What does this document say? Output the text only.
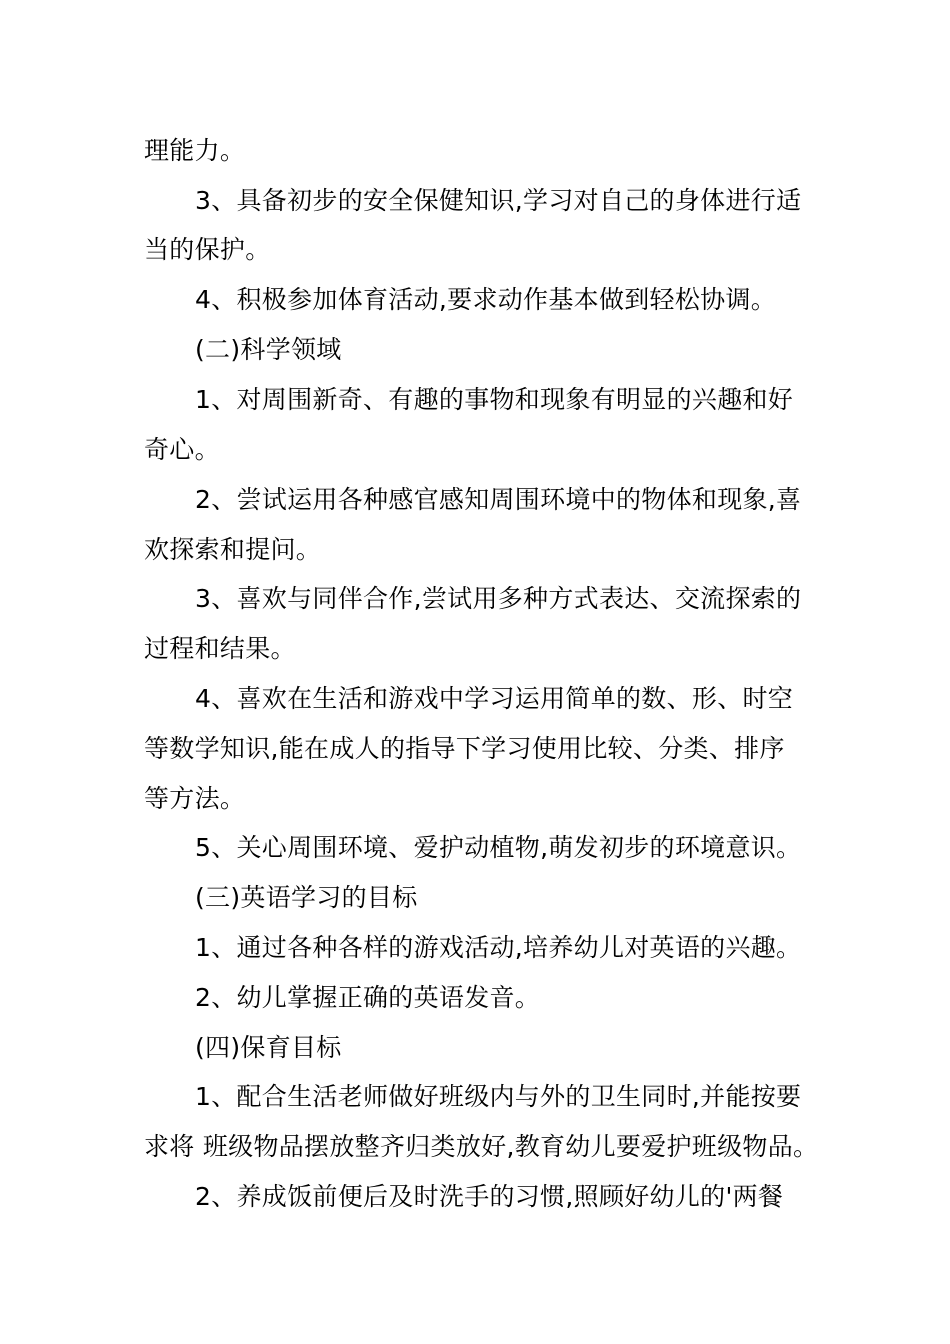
理能力。
3、具备初步的安全保健知识,学习对自己的身体进行适
当的保护。
4、积极参加体育活动,要求动作基本做到轻松协调。
(二)科学领域
1、对周围新奇、有趣的事物和现象有明显的兴趣和好
奇心。
2、尝试运用各种感官感知周围环境中的物体和现象,喜
欢探索和提问。
3、喜欢与同伴合作,尝试用多种方式表达、交流探索的
过程和结果。
4、喜欢在生活和游戏中学习运用简单的数、形、时空
等数学知识,能在成人的指导下学习使用比较、分类、排序
等方法。
5、关心周围环境、爱护动植物,萌发初步的环境意识。
(三)英语学习的目标
1、通过各种各样的游戏活动,培养幼儿对英语的兴趣。
2、幼儿掌握正确的英语发音。
(四)保育目标
1、配合生活老师做好班级内与外的卫生同时,并能按要
求将 班级物品摆放整齐归类放好,教育幼儿要爱护班级物品。
2、养成饭前便后及时洗手的习惯,照顾好幼儿的'两餐
